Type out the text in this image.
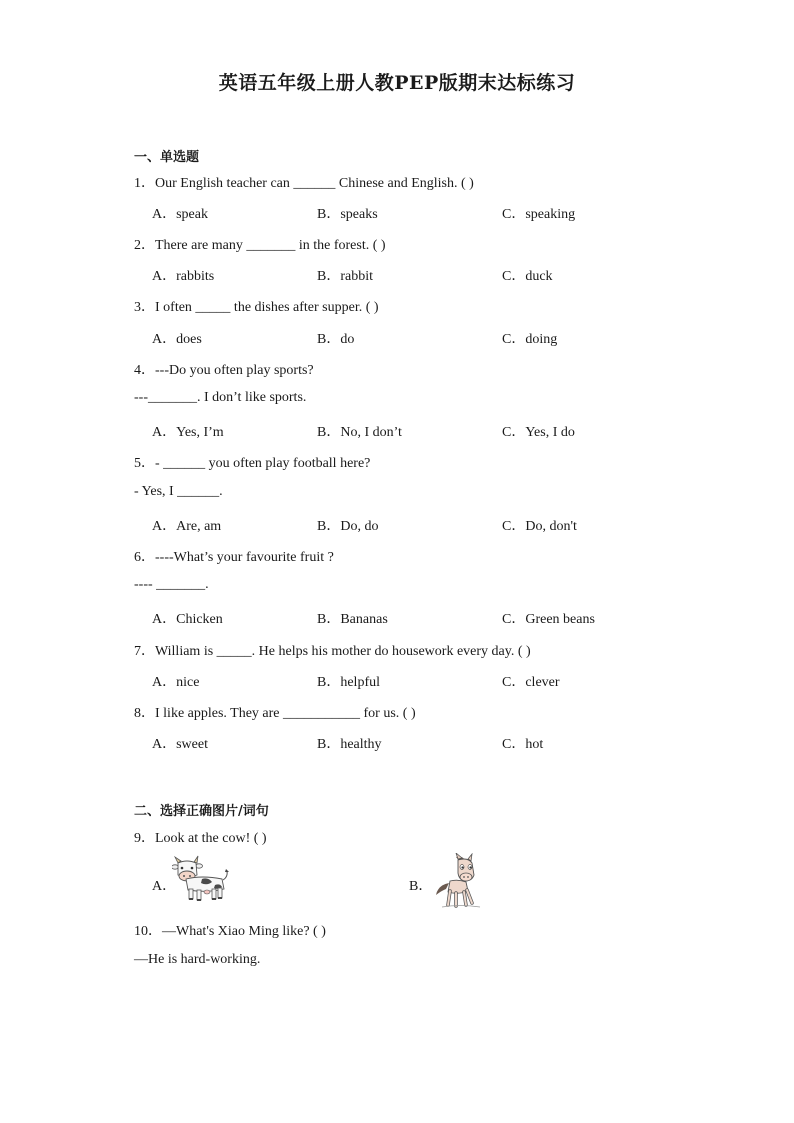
英语五年级上册人教PEP版期末达标练习
一、单选题
1．Our English teacher can ______ Chinese and English. ( )
A．speak	B．speaks	C．speaking
2．There are many _______ in the forest. ( )
A．rabbits	B．rabbit	C．duck
3．I often _____ the dishes after supper. ( )
A．does	B．do	C．doing
4．---Do you often play sports?
---_______. I don’t like sports.
A．Yes, I’m	B．No, I don’t	C．Yes, I do
5．- ______ you often play football here?
- Yes, I ______.
A．Are, am	B．Do, do	C．Do, don't
6．----What’s your favourite fruit ?
---- _______.
A．Chicken	B．Bananas	C．Green beans
7．William is _____. He helps his mother do housework every day. ( )
A．nice	B．helpful	C．clever
8．I like apples. They are ___________ for us. ( )
A．sweet	B．healthy	C．hot
二、选择正确图片/词句
9．Look at the cow! ( )
A．	B．
10．—What's Xiao Ming like? ( )
—He is hard-working.
